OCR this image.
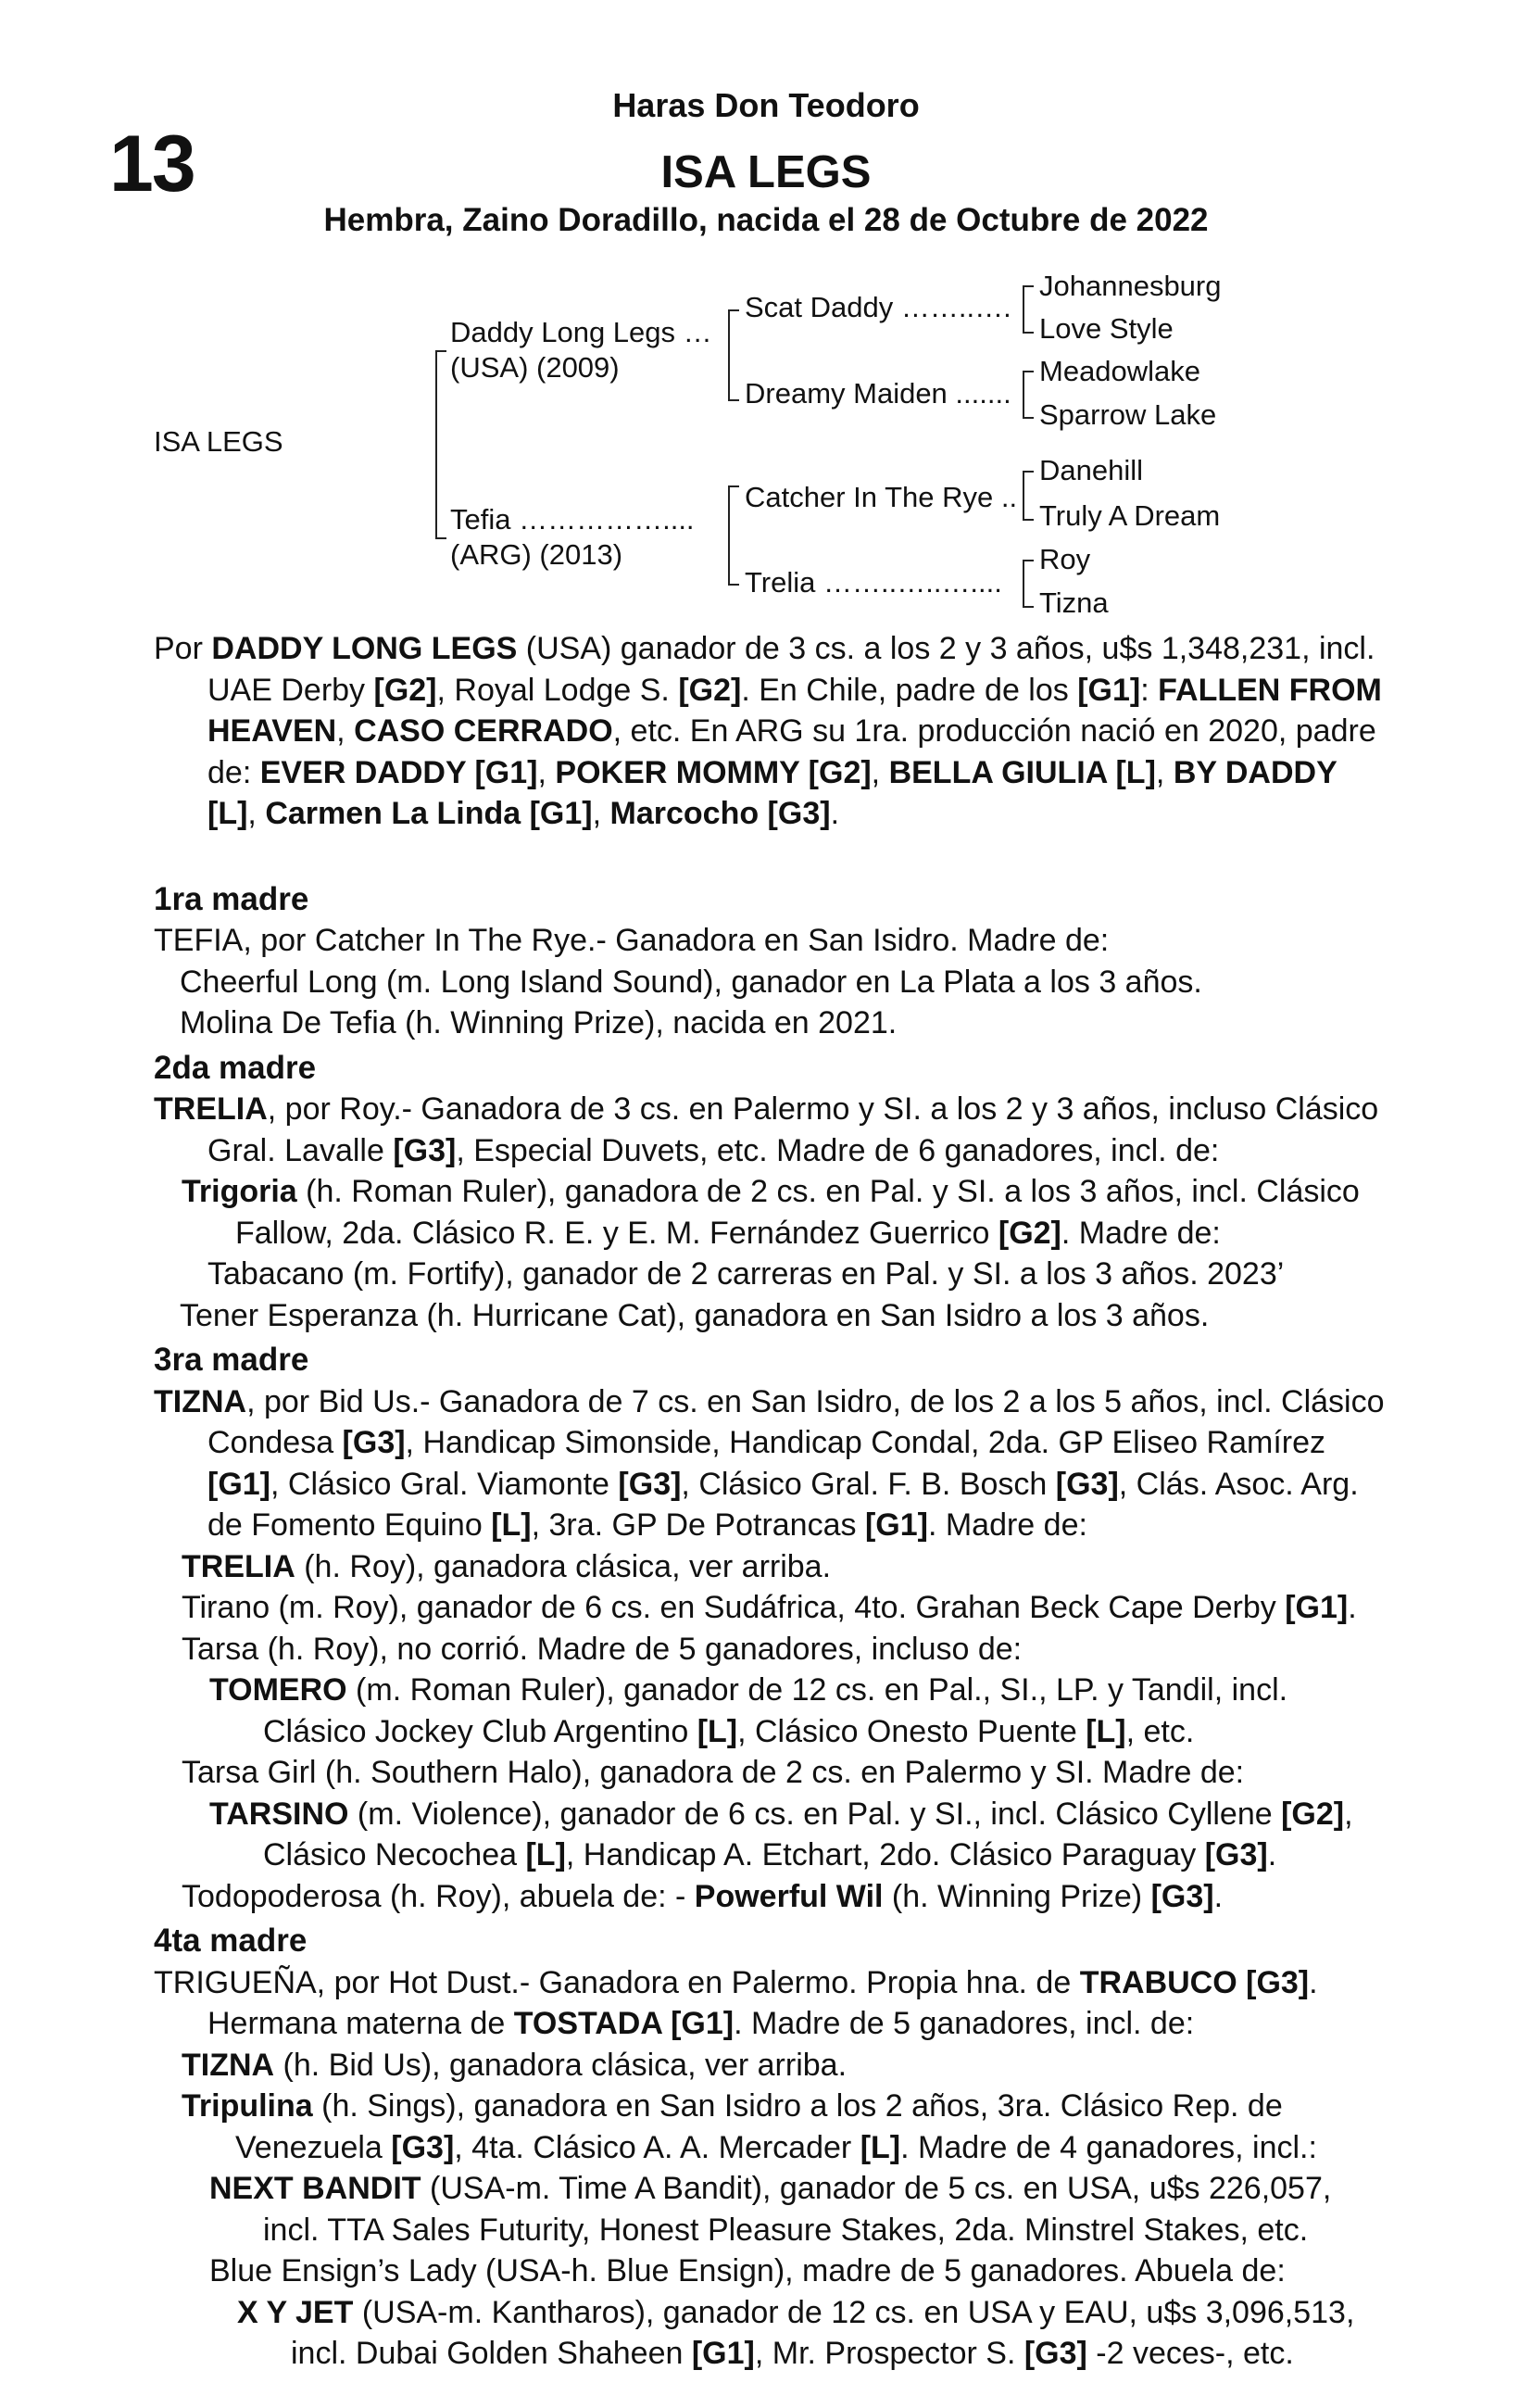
13
Haras Don Teodoro
ISA LEGS
Hembra, Zaino Doradillo, nacida el 28 de Octubre de 2022
ISA LEGS
Daddy Long Legs …
(USA) (2009)
Tefia ……………....
(ARG) (2013)
Scat Daddy ……..….
Dreamy Maiden .......
Catcher In The Rye ..
Trelia ……..…..…....
Johannesburg
Love Style
Meadowlake
Sparrow Lake
Danehill
Truly A Dream
Roy
Tizna

Por DADDY LONG LEGS (USA) ganador de 3 cs. a los 2 y 3 años, u$s 1,348,231, incl. UAE Derby [G2], Royal Lodge S. [G2]. En Chile, padre de los [G1]: FALLEN FROM HEAVEN, CASO CERRADO, etc. En ARG su 1ra. producción nació en 2020, padre de: EVER DADDY [G1], POKER MOMMY [G2], BELLA GIULIA [L], BY DADDY [L], Carmen La Linda [G1], Marcocho [G3].

1ra madre

TEFIA, por Catcher In The Rye.- Ganadora en San Isidro. Madre de:

Cheerful Long (m. Long Island Sound), ganador en La Plata a los 3 años.

Molina De Tefia (h. Winning Prize), nacida en 2021.

2da madre

TRELIA, por Roy.- Ganadora de 3 cs. en Palermo y SI. a los 2 y 3 años, incluso Clásico Gral. Lavalle [G3], Especial Duvets, etc. Madre de 6 ganadores, incl. de:

Trigoria (h. Roman Ruler), ganadora de 2 cs. en Pal. y SI. a los 3 años, incl. Clásico Fallow, 2da. Clásico R. E. y E. M. Fernández Guerrico [G2]. Madre de:

Tabacano (m. Fortify), ganador de 2 carreras en Pal. y SI. a los 3 años. 2023’

Tener Esperanza (h. Hurricane Cat), ganadora en San Isidro a los 3 años.

3ra madre

TIZNA, por Bid Us.- Ganadora de 7 cs. en San Isidro, de los 2 a los 5 años, incl. Clásico Condesa [G3], Handicap Simonside, Handicap Condal, 2da. GP Eliseo Ramírez [G1], Clásico Gral. Viamonte [G3], Clásico Gral. F. B. Bosch [G3], Clás. Asoc. Arg. de Fomento Equino [L], 3ra. GP De Potrancas [G1]. Madre de:

TRELIA (h. Roy), ganadora clásica, ver arriba.

Tirano (m. Roy), ganador de 6 cs. en Sudáfrica, 4to. Grahan Beck Cape Derby [G1].

Tarsa (h. Roy), no corrió. Madre de 5 ganadores, incluso de:

TOMERO (m. Roman Ruler), ganador de 12 cs. en Pal., SI., LP. y Tandil, incl. Clásico Jockey Club Argentino [L], Clásico Onesto Puente [L], etc.

Tarsa Girl (h. Southern Halo), ganadora de 2 cs. en Palermo y SI. Madre de:

TARSINO (m. Violence), ganador de 6 cs. en Pal. y SI., incl. Clásico Cyllene [G2], Clásico Necochea [L], Handicap A. Etchart, 2do. Clásico Paraguay [G3].

Todopoderosa (h. Roy), abuela de: - Powerful Wil (h. Winning Prize) [G3].

4ta madre

TRIGUEÑA, por Hot Dust.- Ganadora en Palermo. Propia hna. de TRABUCO [G3]. Hermana materna de TOSTADA [G1]. Madre de 5 ganadores, incl. de:

TIZNA (h. Bid Us), ganadora clásica, ver arriba.

Tripulina (h. Sings), ganadora en San Isidro a los 2 años, 3ra. Clásico Rep. de Venezuela [G3], 4ta. Clásico A. A. Mercader [L]. Madre de 4 ganadores, incl.:

NEXT BANDIT (USA-m. Time A Bandit), ganador de 5 cs. en USA, u$s 226,057, incl. TTA Sales Futurity, Honest Pleasure Stakes, 2da. Minstrel Stakes, etc.

Blue Ensign’s Lady (USA-h. Blue Ensign), madre de 5 ganadores. Abuela de:

X Y JET (USA-m. Kantharos), ganador de 12 cs. en USA y EAU, u$s 3,096,513, incl. Dubai Golden Shaheen [G1], Mr. Prospector S. [G3] -2 veces-, etc.
